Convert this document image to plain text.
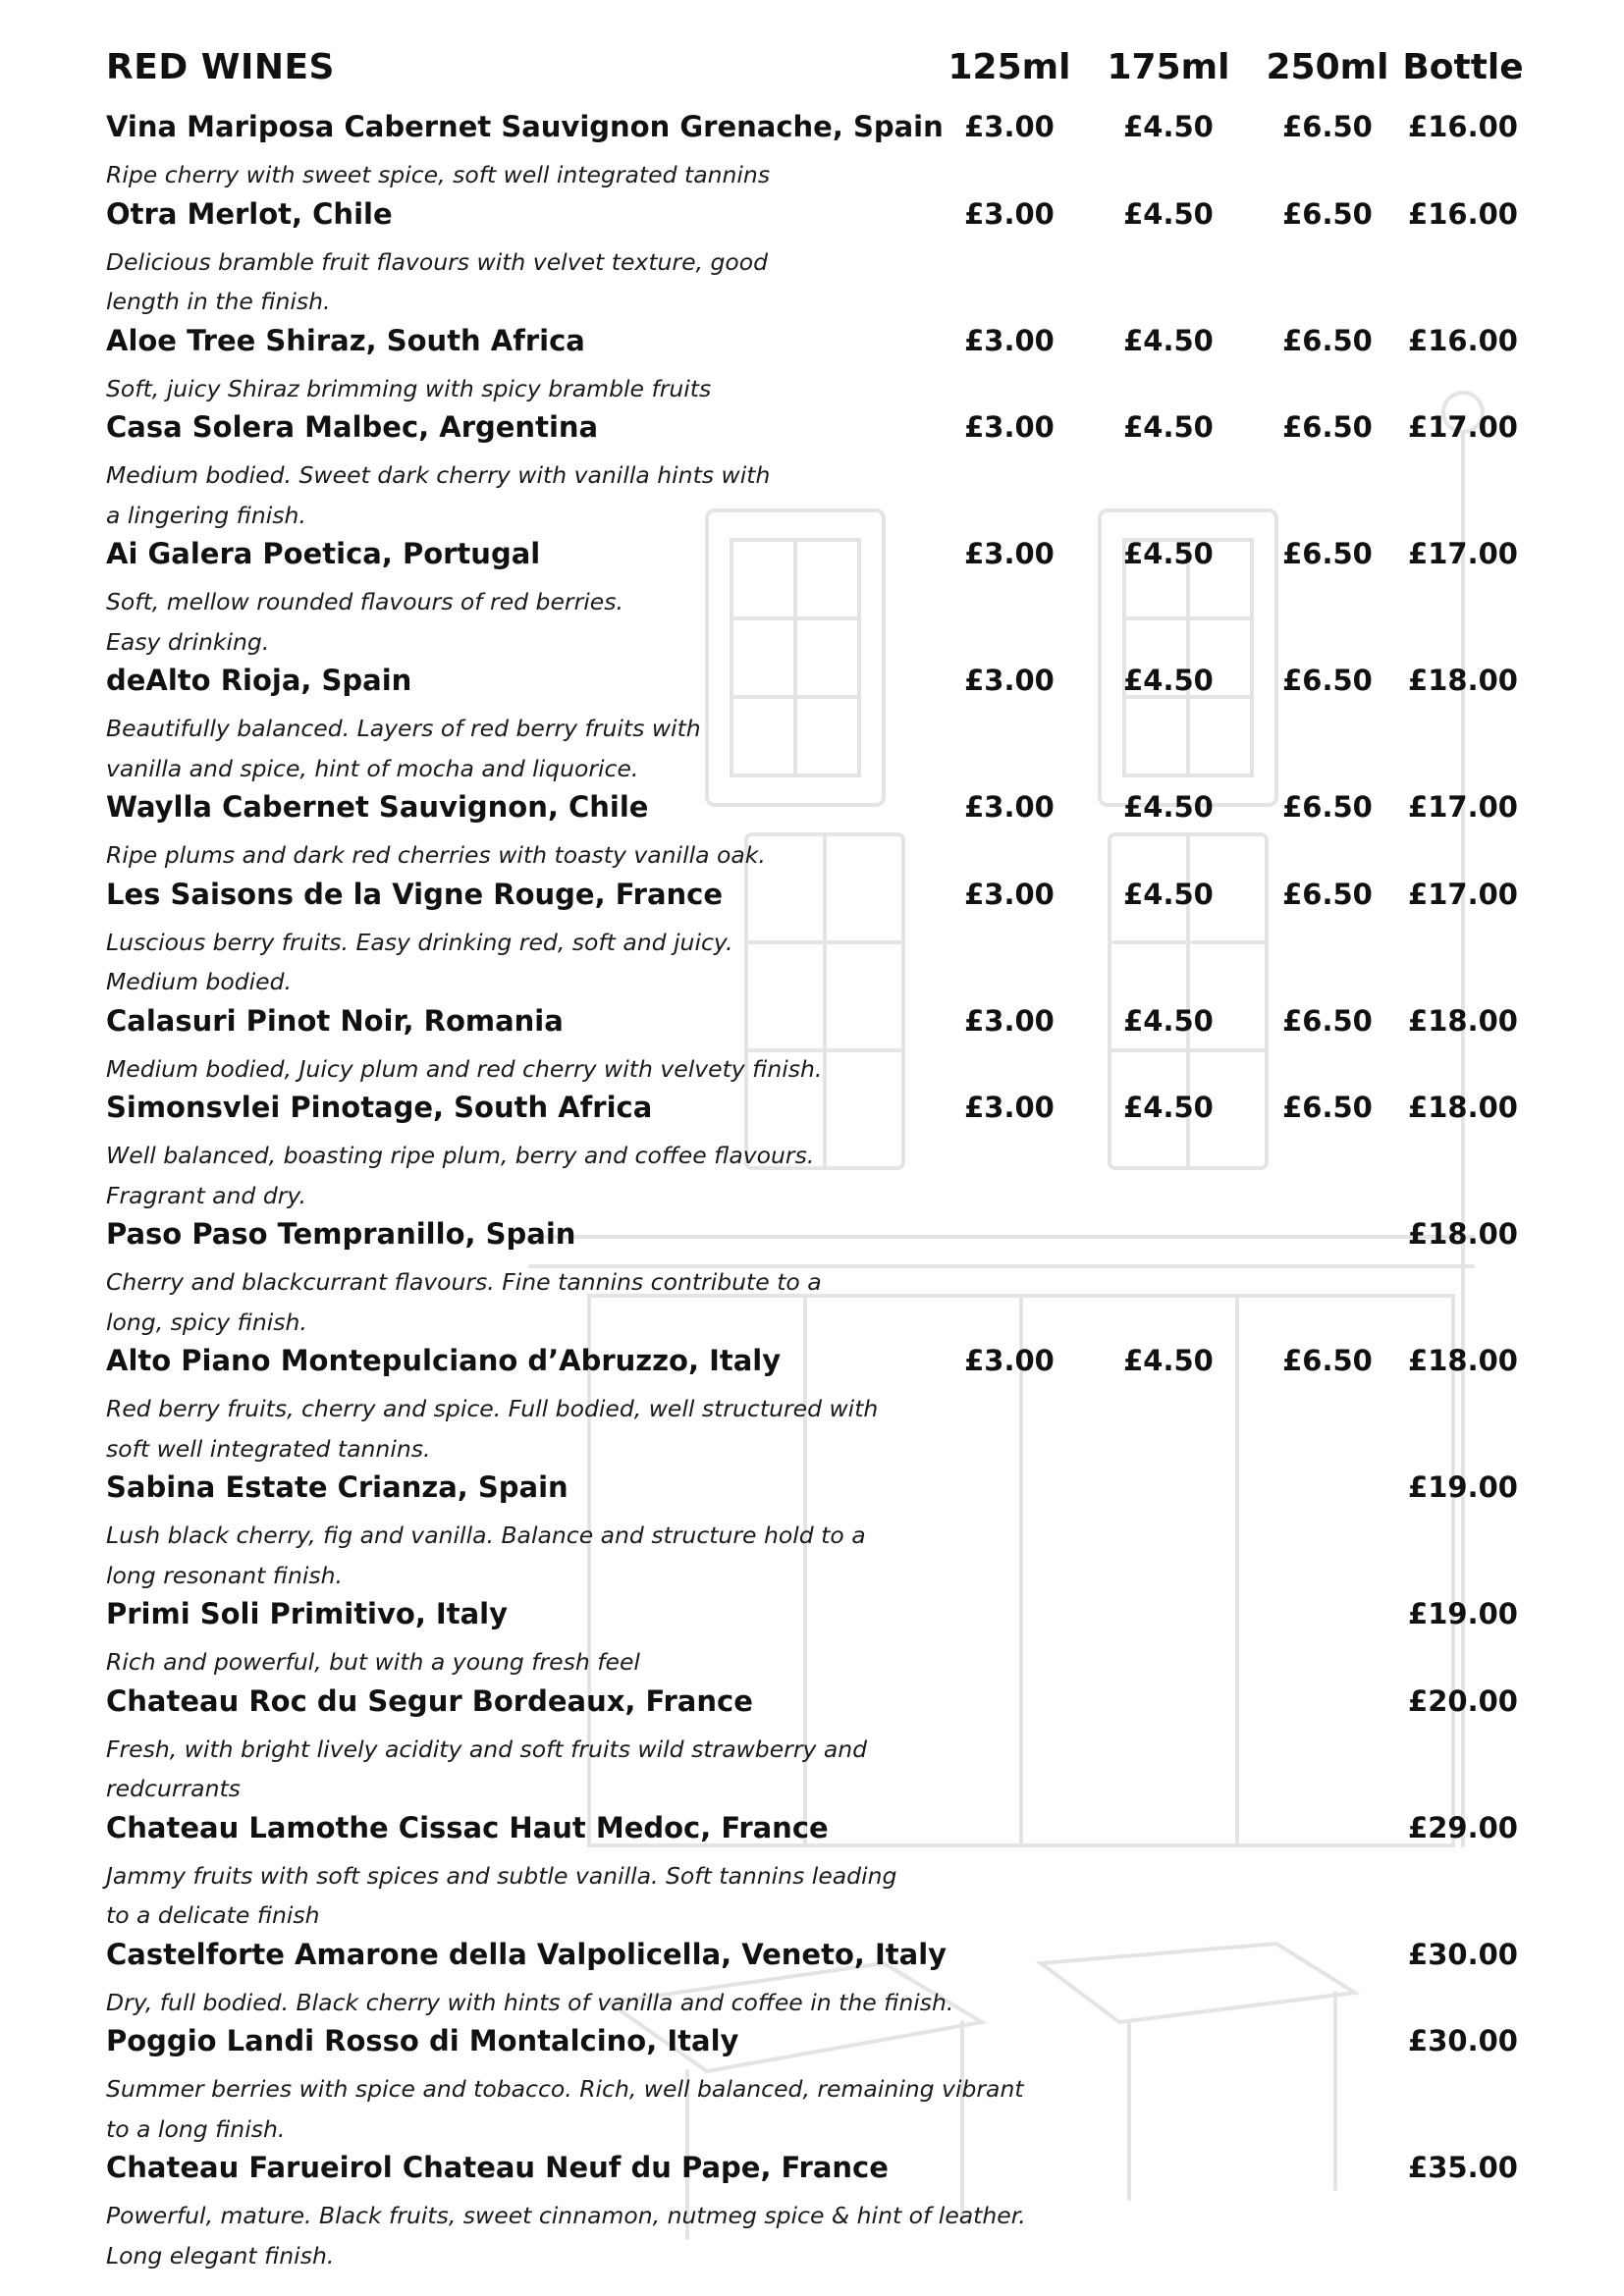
RED WINES	125ml	175ml	250ml Bottle
Vina Mariposa Cabernet Sauvignon Grenache, Spain £3.00	£4.50	£6.50	£16.00
Ripe cherry with sweet spice, soft well integrated tannins
Otra Merlot, Chile	£3.00	£4.50	£6.50	£16.00
Delicious bramble fruit flavours with velvet texture, good
length in the finish.
Aloe Tree Shiraz, South Africa	£3.00	£4.50	£6.50	£16.00
Soft, juicy Shiraz brimming with spicy bramble fruits
Casa Solera Malbec, Argentina	£3.00	£4.50	£6.50	£17.00
Medium bodied. Sweet dark cherry with vanilla hints with
a lingering finish.
Ai Galera Poetica, Portugal	£3.00	£4.50	£6.50	£17.00
Soft, mellow rounded flavours of red berries.
Easy drinking.
deAlto Rioja, Spain	£3.00	£4.50	£6.50	£18.00
Beautifully balanced. Layers of red berry fruits with
vanilla and spice, hint of mocha and liquorice.
Waylla Cabernet Sauvignon, Chile	£3.00	£4.50	£6.50	£17.00
Ripe plums and dark red cherries with toasty vanilla oak.
Les Saisons de la Vigne Rouge, France	£3.00	£4.50	£6.50	£17.00
Luscious berry fruits. Easy drinking red, soft and juicy.
Medium bodied.
Calasuri Pinot Noir, Romania	£3.00	£4.50	£6.50	£18.00
Medium bodied, Juicy plum and red cherry with velvety finish.
Simonsvlei Pinotage, South Africa	£3.00	£4.50	£6.50	£18.00
Well balanced, boasting ripe plum, berry and coffee flavours.
Fragrant and dry.
Paso Paso Tempranillo, Spain	£18.00
Cherry and blackcurrant flavours. Fine tannins contribute to a
long, spicy finish.
Alto Piano Montepulciano d’Abruzzo, Italy	£3.00	£4.50	£6.50	£18.00
Red berry fruits, cherry and spice. Full bodied, well structured with
soft well integrated tannins.
Sabina Estate Crianza, Spain	£19.00
Lush black cherry, fig and vanilla. Balance and structure hold to a
long resonant finish.
Primi Soli Primitivo, Italy	£19.00
Rich and powerful, but with a young fresh feel
Chateau Roc du Segur Bordeaux, France	£20.00
Fresh, with bright lively acidity and soft fruits wild strawberry and
redcurrants
Chateau Lamothe Cissac Haut Medoc, France	£29.00
Jammy fruits with soft spices and subtle vanilla. Soft tannins leading
to a delicate finish
Castelforte Amarone della Valpolicella, Veneto, Italy	£30.00
Dry, full bodied. Black cherry with hints of vanilla and coffee in the finish.
Poggio Landi Rosso di Montalcino, Italy	£30.00
Summer berries with spice and tobacco. Rich, well balanced, remaining vibrant
to a long finish.
Chateau Farueirol Chateau Neuf du Pape, France	£35.00
Powerful, mature. Black fruits, sweet cinnamon, nutmeg spice & hint of leather.
Long elegant finish.
